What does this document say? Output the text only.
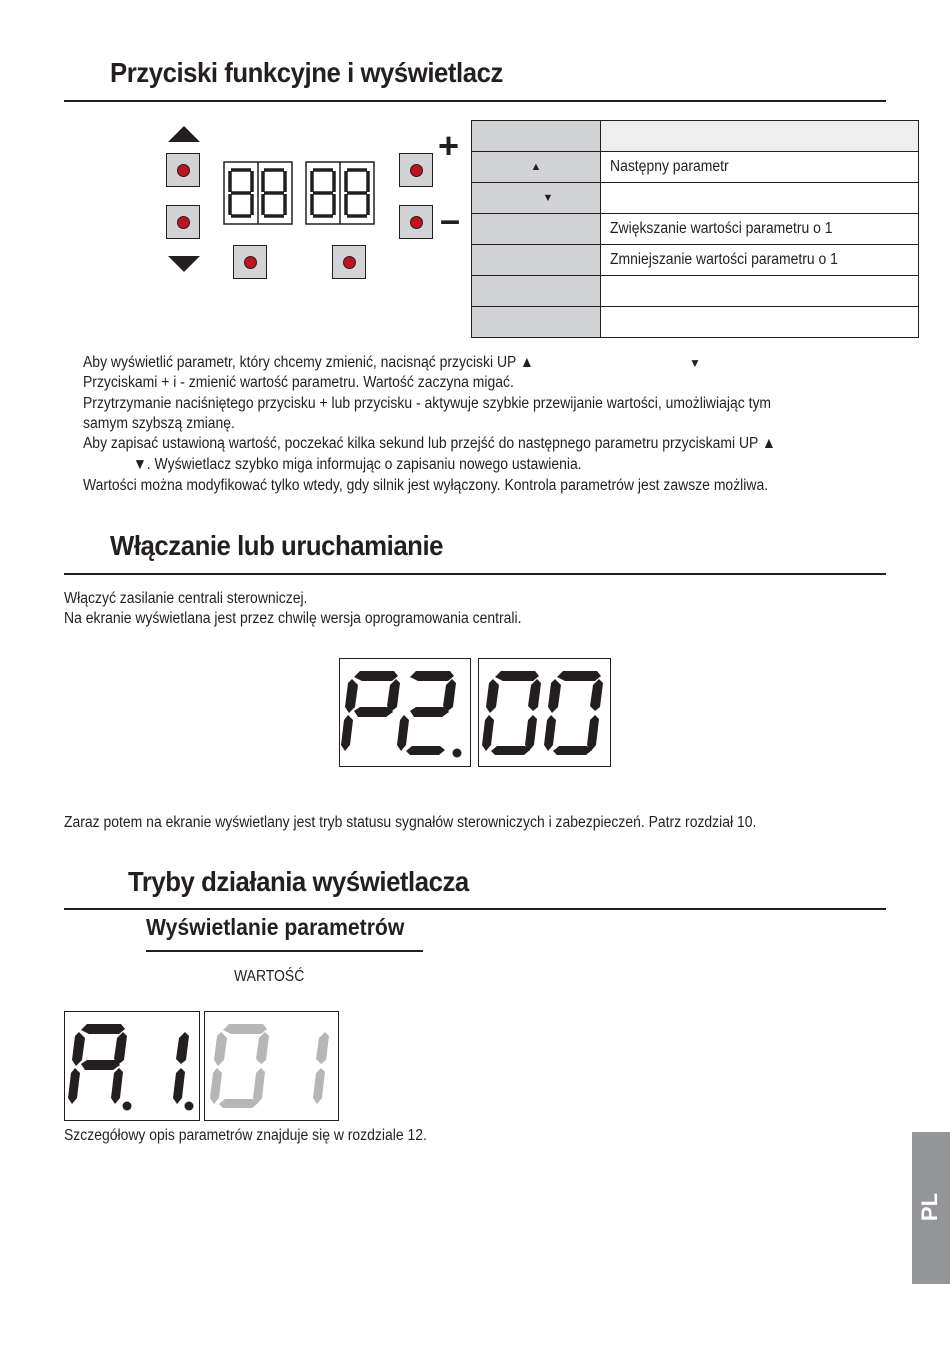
Przyciski funkcyjne i wyświetlacz
+
–

▲	Następny parametr
▼	
	Zwiększanie wartości parametru o 1
	Zmniejszanie wartości parametru o 1

Aby wyświetlić parametr, który chcemy zmienić, nacisnąć przyciski UP ▲	▼
Przyciskami + i - zmienić wartość parametru. Wartość zaczyna migać.
Przytrzymanie naciśniętego przycisku + lub przycisku - aktywuje szybkie przewijanie wartości, umożliwiając tym
samym szybszą zmianę.
Aby zapisać ustawioną wartość, poczekać kilka sekund lub przejść do następnego parametru przyciskami UP ▲
▼. Wyświetlacz szybko miga informując o zapisaniu nowego ustawienia.
Wartości można modyfikować tylko wtedy, gdy silnik jest wyłączony. Kontrola parametrów jest zawsze możliwa.
Włączanie lub uruchamianie
Włączyć zasilanie centrali sterowniczej.
Na ekranie wyświetlana jest przez chwilę wersja oprogramowania centrali.
Zaraz potem na ekranie wyświetlany jest tryb statusu sygnałów sterowniczych i zabezpieczeń. Patrz rozdział 10.
Tryby działania wyświetlacza
Wyświetlanie parametrów
WARTOŚĆ
Szczegółowy opis parametrów znajduje się w rozdziale 12.
PL
